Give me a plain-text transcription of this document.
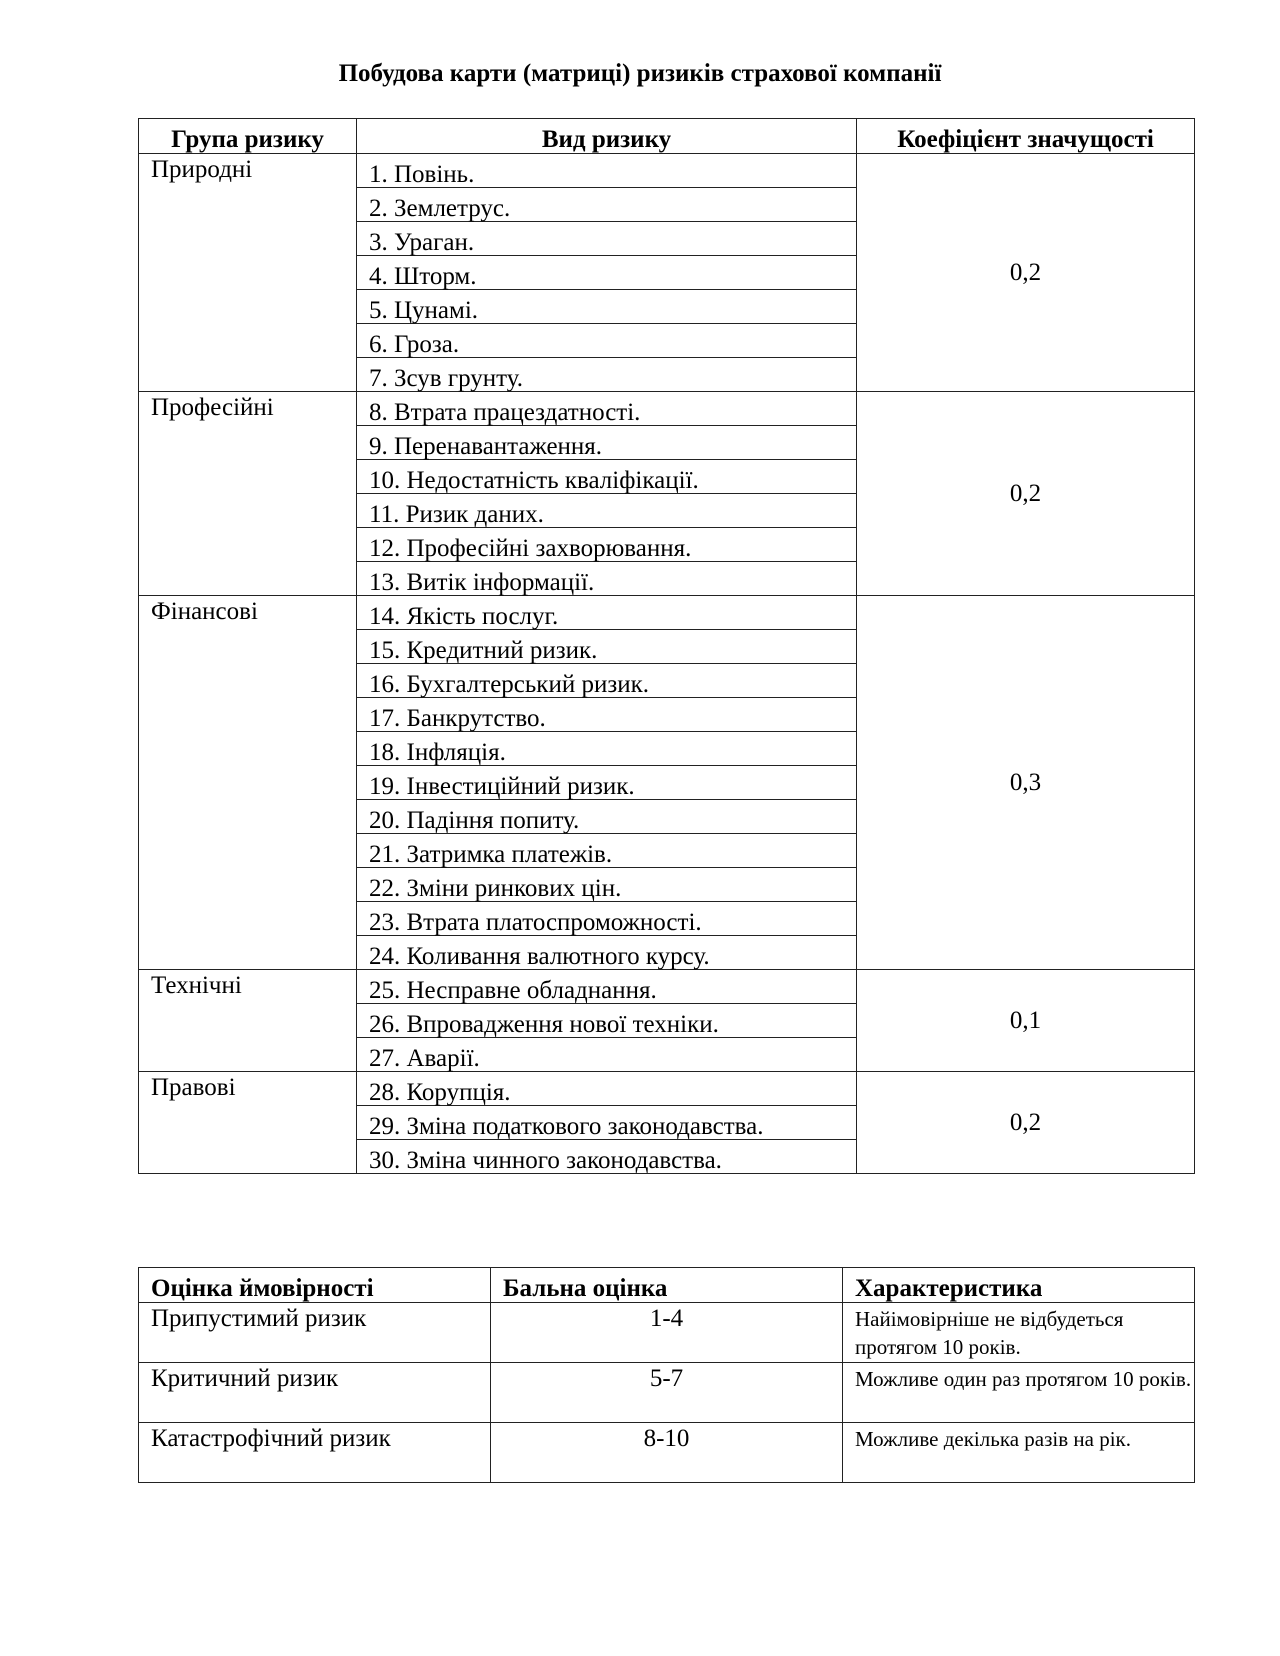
Побудова карти (матриці) ризиків страхової компанії
Група ризику	Вид ризику	Коефіцієнт значущості
Природні	1. Повінь.	0,2
	2. Землетрус.	
	3. Ураган.	
	4. Шторм.	
	5. Цунамі.	
	6. Гроза.	
	7. Зсув грунту.	
Професійні	8. Втрата працездатності.	0,2
	9. Перенавантаження.	
	10. Недостатність кваліфікації.	
	11. Ризик даних.	
	12. Професійні захворювання.	
	13. Витік інформації.	
Фінансові	14. Якість послуг.	0,3
	15. Кредитний ризик.	
	16. Бухгалтерський ризик.	
	17. Банкрутство.	
	18. Інфляція.	
	19. Інвестиційний ризик.	
	20. Падіння попиту.	
	21. Затримка платежів.	
	22. Зміни ринкових цін.	
	23. Втрата платоспроможності.	
	24. Коливання валютного курсу.	
Технічні	25. Несправне обладнання.	0,1
	26. Впровадження нової техніки.	
	27. Аварії.	
Правові	28. Корупція.	0,2
	29. Зміна податкового законодавства.	
	30. Зміна чинного законодавства.	
Оцінка ймовірності	Бальна оцінка	Характеристика
Припустимий ризик	1-4	Найімовірніше не відбудеться протягом 10 років.
Критичний ризик	5-7	Можливе один раз протягом 10 років.
Катастрофічний ризик	8-10	Можливе декілька разів на рік.
